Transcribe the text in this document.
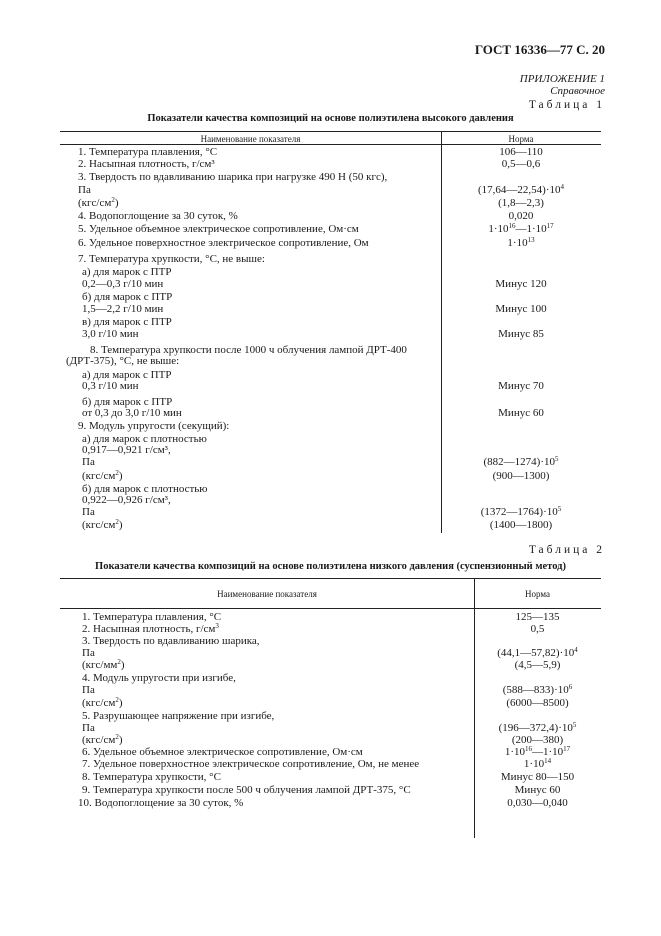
ГОСТ 16336—77 С. 20
ПРИЛОЖЕНИЕ 1
Справочное
Таблица 1
Показатели качества композиций на основе полиэтилена высокого давления
Наименование показателя	Норма
1. Температура плавления, °С	106—110
2. Насыпная плотность, г/см³	0,5—0,6
3. Твердость по вдавливанию шарика при нагрузке 490 Н (50 кгс),
Па	$(17,64—22,54)\cdot 10^4$
$(кгс/см^2)$	(1,8—2,3)
4. Водопоглощение за 30 суток, %	0,020
5. Удельное объемное электрическое сопротивление, Ом·см	$1\cdot 10^{16}—1\cdot 10^{17}$
6. Удельное поверхностное электрическое сопротивление, Ом	$1\cdot 10^{13}$
7. Температура хрупкости, °С, не выше:
а) для марок с ПТР
0,2—0,3 г/10 мин	Минус 120
б) для марок с ПТР
1,5—2,2 г/10 мин	Минус 100
в) для марок с ПТР
3,0 г/10 мин	Минус 85
8. Температура хрупкости после 1000 ч облучения лампой ДРТ-400
(ДРТ-375), °С, не выше:
а) для марок с ПТР
0,3 г/10 мин	Минус 70
б) для марок с ПТР
от 0,3 до 3,0 г/10 мин	Минус 60
9. Модуль упругости (секущий):
а) для марок с плотностью
0,917—0,921 г/см³,
Па	$(882—1274)\cdot 10^5$
$(кгс/см^2)$	(900—1300)
б) для марок с плотностью
0,922—0,926 г/см³,
Па	$(1372—1764)\cdot 10^5$
$(кгс/см^2)$	(1400—1800)
Таблица 2
Показатели качества композиций на основе полиэтилена низкого давления (суспензионный метод)
Наименование показателя	Норма
1. Температура плавления, °С	125—135
2. Насыпная плотность, $г/см^3$	0,5
3. Твердость по вдавливанию шарика,
Па	$(44,1—57,82)\cdot 10^4$
$(кгс/мм^2)$	(4,5—5,9)
4. Модуль упругости при изгибе,
Па	$(588—833)\cdot 10^6$
$(кгс/см^2)$	(6000—8500)
5. Разрушающее напряжение при изгибе,
Па	$(196—372,4)\cdot 10^5$
$(кгс/см^2)$	(200—380)
6. Удельное объемное электрическое сопротивление, Ом·см	$1\cdot 10^{16}—1\cdot 10^{17}$
7. Удельное поверхностное электрическое сопротивление, Ом, не менее	$1\cdot 10^{14}$
8. Температура хрупкости, °С	Минус 80—150
9. Температура хрупкости после 500 ч облучения лампой ДРТ-375, °С	Минус 60
10. Водопоглощение за 30 суток, %	0,030—0,040
